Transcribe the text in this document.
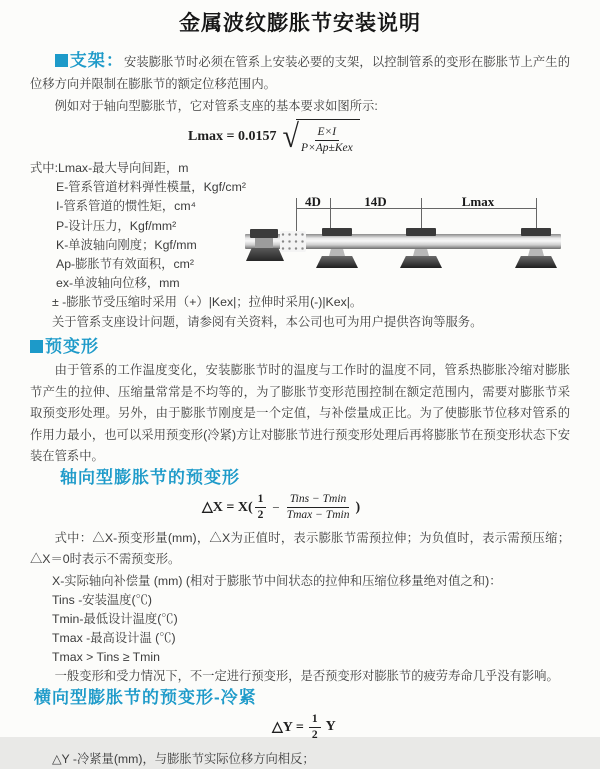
金属波纹膨胀节安装说明

支架：安装膨胀节时必须在管系上安装必要的支架，以控制管系的变形在膨胀节上产生的位移方向并限制在膨胀节的额定位移范围内。

例如对于轴向型膨胀节，它对管系支座的基本要求如图所示:

Lmax = 0.0157 √ $\frac{E\times I}{\text{P×Ap±Kex}}$
式中:Lmax-最大导向间距，m
E-管系管道材料弹性模量，Kgf/cm²
I-管系管道的惯性矩，cm⁴
P-设计压力，Kgf/mm²
K-单波轴向刚度；Kgf/mm
Ap-膨胀节有效面积，cm²
ex-单波轴向位移，mm
± -膨胀节受压缩时采用（+）|Kex|；拉伸时采用(-)|Kex|。
关于管系支座设计问题，请参阅有关资料，本公司也可为用户提供咨询等服务。
4D	14D	Lmax
预变形

由于管系的工作温度变化，安装膨胀节时的温度与工作时的温度不同，管系热膨胀冷缩对膨胀节产生的拉伸、压缩量常常是不均等的，为了膨胀节变形范围控制在额定范围内，需要对膨胀节采取预变形处理。另外，由于膨胀节刚度是一个定值，与补偿量成正比。为了使膨胀节位移对管系的作用力最小，也可以采用预变形(冷紧)方让对膨胀节进行预变形处理后再将膨胀节在预变形状态下安装在管系中。

轴向型膨胀节的预变形
△X = $X( \frac{1}{2} - \frac{\text{Tins − Tmin}}{Tmax - Tmin}$ )

式中：△X-预变形量(mm)，△X为正值时，表示膨胀节需预拉伸；为负值时，表示需预压缩；△X＝0时表示不需预变形。

X-实际轴向补偿量 (mm) (相对于膨胀节中间状态的拉伸和压缩位移量绝对值之和)：
Tins -安装温度(℃)
Tmin-最低设计温度(℃)
Tmax -最高设计温 (℃)
Tmax > Tins ≥ Tmin

一般变形和受力情况下，不一定进行预变形，是否预变形对膨胀节的疲劳寿命几乎没有影响。

横向型膨胀节的预变形-冷紧
△Y = $\frac{1}{2}$ Y
△Y -冷紧量(mm)，与膨胀节实际位移方向相反；
